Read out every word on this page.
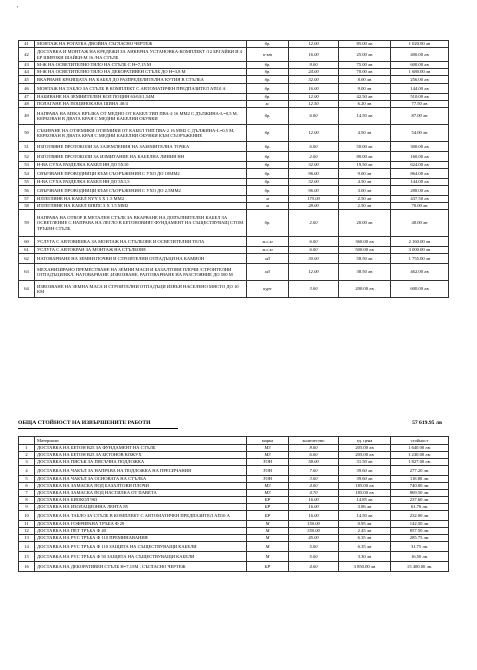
′
41	МОНТАЖ НА РОГАТКА ДВОЙНА СЪГЛАСНО ЧЕРТЕЖ	бр.	12.00	85.00 лв	1 020.00 лв
42	ДОСТАВКА И МОНТАЖ НА КРЕДЕЖИ ЗА АНКЕРНА УСТАНОВКА-КОМПЛЕКТ /12 БР.ГАЙКИ И 4 БР ШИРОКИ ШАЙБИ-М 16 /НА СТЪЛБ	к-кт	16.00	25.00 лв	400.00 лв
43	М-Ж НА ОСВЕТИТЕЛНО ТЯЛО НА СТЪЛБ С Н=7,15 М	бр.	9.00	75.00 лв	600.00 лв
44	М-Ж НА ОСВЕТИТЕЛНО ТЯЛО НА ДЕКОРАТИВЕН СТЪЛБ ДО Н=3,8 М	бр.	24.00	70.00 лв	1 680.00 лв
45	ВКАРВАНЕ КРАИЩАТА НА КАБЕЛ ДО РАЗПРЕДЕЛИТЕЛНА КУТИЯ В СТЪЛБА	бр.	32.00	8.00 лв	256.00 лв
46	МОНТАЖ НА ТАБЛО ЗА СТЪЛБ В КОМПЛЕКТ С АВТОМАТИЧЕН ПРЕДПАЗИТЕЛ АП10 А	бр.	16.00	9.00 лв	144.00 лв
47	НАБИВАНЕ НА ЗЕМНИТЕЛЕН КОЛ ПОЦИН 63/63/1,54М	бр.	12.00	42.50 лв	510.00 лв
48	ПОЛАГАНЕ НА ПОЦИНОКАВА ШИНА 40/4	м.	12.50	6.20 лв	77.50 лв
49	НАПРАВА НА МЕКА ВРЪЗКА ОТ МЕДНО ОТ КАБЕЛ ТИП ПВА-2 16 ММ2 С ДЪЛЖИНА-L=0,5 М, КЕРБОВАН В ДВАТА КРАЯ С МЕДНИ КАБЕЛНИ ОБУВКИ	бр.	6.00	14.50 лв	87.00 лв
50	СЪБИРАНЕ НА ОТЗЕМИКИ ОТЗЕМИКИ ОТ КАБЕЛ ТИП ПВА-2 16 ММ2 С ДЪЛЖИНА-L=0,5 М, КЕРБОВАН В ДВАТА КРАЯ С МЕДНИ КАБЕЛНИ ОБУВКИ КЪМ СЪОРЪЖЕНИЕ	бр.	12.00	4.50 лв	54.00 лв
51	ИЗГОТВЯНЕ ПРОТОКОЛИ ЗА ЗАЗЕМЛЕНИЯ НА ЗАЗЕМИТЕЛНА ТОЧКА	бр.	6.00	50.00 лв	300.00 лв
52	ИЗГОТВЯНЕ ПРОТОКОЛИ ЗА ИЗМИТАНИЕ НА КАБЕЛНА ЛИНИЯ НН	бр.	2.00	80.00 лв	160.00 лв
53	Н-ВА СУХА РАЗДЕЛКА КАБЕЛ НН ДО 5Х10	бр.	32.00	19.50 лв	624.00 лв
54	СВЪРЗВАНЕ ПРОВОДНИЦИ КЪМ СЪОРЪЖЕНИЯ С УХО ДО 10ММ2	бр.	96.00	9.00 лв	864.00 лв
55	Н-ВА СУХА РАЗДЕЛКА КАБЕЛ НН ДО 3Х1,5	бр.	32.00	4.50 лв	144.00 лв
56	СВЪРЗВАНЕ ПРОВОДНИЦИ КЪМ СЪОРЪЖЕНИЯ С УХО ДО 2,5ММ2	бр.	96.00	3.00 лв	288.00 лв
57	ИЗТЕГЛЯНЕ НА КАБЕЛ NYY 5 Х 1.5 ММ2	м	175.00	2.50 лв	437.50 лв
58	ИЗТЕГЛЯНЕ НА КАБЕЛ ШВПС 3 Х 1.5 ММ2	м	28.00	2.50 лв	70.00 лв
59	НАПРАВА НА ОТВОР В МЕТАЛЕН СТЪЛБ ЗА ВКАРВАНЕ НА ДОПЪЛНИТЕЛЕН КАБЕЛ ЗА ОСВЕТЛЕНИЕ С НАПРАВА НА ЛЕГЛО В БЕТОНОВИЯТ ФУНДАМЕНТ НА СЪЩЕСТВУВАЩ СТОМ ТРЪБЕН СТЪЛБ	бр.	2.00	20.00 лв	40.00 лв
60	УСЛУГА С АВТОВИШКА ЗА МОНТАЖ НА СТЪЛБОВЕ И ОСВЕТИТЕЛНИ ТЕЛА	м.с.м	6.00	360.00 лв	2 160.00 лв
61	УСЛУГА С АВТОКРАН ЗА МОНТАЖ НА СТЪЛБОВЕ	м.с.м	6.00	500.00 лв	3 000.00 лв
62	НАТОВАРВАНЕ НА ЗЕМНИ ПОЧВИ И СТРОИТЕЛНИ ОТПАДЪЦИ НА КАМИОН	м3	30.00	58.50 лв	1 755.00 лв
63	МЕХАНИЗИРАНО ПРЕМЕСТВАНЕ НА ЗЕМНИ МАСИ И БАЗАЛТОВИ ПЛОЧИ /СТРОИТЕЛНИ ОТПАДЪЦИ/ВКЛ. НАТОВАРВАНЕ ,ИЗВОЗВАНЕ, РАЗТОВАРВАНЕ НА РАЗСТОЯНИЕ ДО 500 М	м3	12.00	38.50 лв	462.00 лв
64	ИЗВОЗВАНЕ НА ЗЕМНА МАСА И СТРОИТЕЛНИ ОТПАДЪЦИ ИЗВЪН НАСЕЛЕНО МЯСТО ДО 10 КМ	курс	3.00	200.00 лв	600.00 лв
ОБЩА СТОЙНОСТ НА ИЗВЪРШЕНИТЕ РАБОТИ	57 619.95 лв
	Материали	марка	количество	ед. цена	стойност
1	ДОСТАВКА НА БЕТОН В25 ЗА ФУНДАМЕНТ НА СТЪЛБ	М3	8.00	205.00 лв	1 640.00 лв.
2	ДОСТАВКА НА БЕТОН В25 ЗА БЕТОНОВ КОЖУХ	М3	6.00	205.00 лв	1 230.00 лв.
3	ДОСТАВКА НА ПЯСЪК ЗА ПЯСЪЧНА ПОДЛОЖКА	ТОН	58.00	31.50 лв	1 827.00 лв.
4	ДОСТАВКА НА ЧАКЪЛ ЗА НАПРАВА НА ПОДЛОЖКА НА ПРЕСИЧАНИЯ	ТОН	7.00	39.60 лв	277.20 лв.
5	ДОСТАВКА НА ЧАКЪЛ ЗА ОСНОВАТА НА СТЪЛБА	ТОН	3.00	39.60 лв	118.80 лв.
6	ДОСТАВКА НА ЗАМАСКА ПОД БАЗАЛТОВИ ПЛОЧИ	М3	4.00	185.00 лв	740.00 лв.
7	ДОСТАВКА НА ЗАМАСКА ПОД НАСТИЛКА ОТ ПАВЕТА	М3	4.70	185.00 лв	869.50 лв.
8	ДОСТАВКА НА БИОКОЛ 963	БР	16.00	14.85 лв	237.60 лв.
9	ДОСТАВКА НА ИЗОЛАЦИОННА ЛЕНТА 85	БР	16.00	3.86 лв	61.76 лв.
10	ДОСТАВКА НА ТАБЛО ЗА СТЪЛБ В КОМПЛЕКТ С АВТОМАТИЧЕН ПРЕДПАЗИТЕЛ АП10 А	БР	16.00	14.50 лв	232.00 лв.
11	ДОСТАВКА НА ГОФРИРАНА ТРЪБА Ф 29	М	150.00	0.95 лв	142.50 лв.
12	ДОСТАВКА НА ПЕТ ТРЪБА Ф 40	М	350.00	2.45 лв	857.50 лв.
13	ДОСТАВКА НА PVC ТРЪБА Ф 110 ПРЕМИНАВАНИЯ	М	45.00	6.35 лв	285.75 лв.
14	ДОСТАВКА НА PVC ТРЪБА Ф 110 ЗАЩИТА НА СЪЩЕСТВУВАЩИ КАБЕЛИ	М	5.00	6.35 лв	31.75 лв.
15	ДОСТАВКА НА PVC ТРЪБА Ф 50 ЗАЩИТА НА СЪЩЕСТВУВАЩИ КАБЕЛИ	М	5.00	3.30 лв	16.50 лв.
16	ДОСТАВКА НА ДЕКОРАТИВЕН СТЪЛБ Н=7,15М , СЪГЛАСНО ЧЕРТЕЖ	БР	4.00	3 850.00 лв	15 400.00 лв.
